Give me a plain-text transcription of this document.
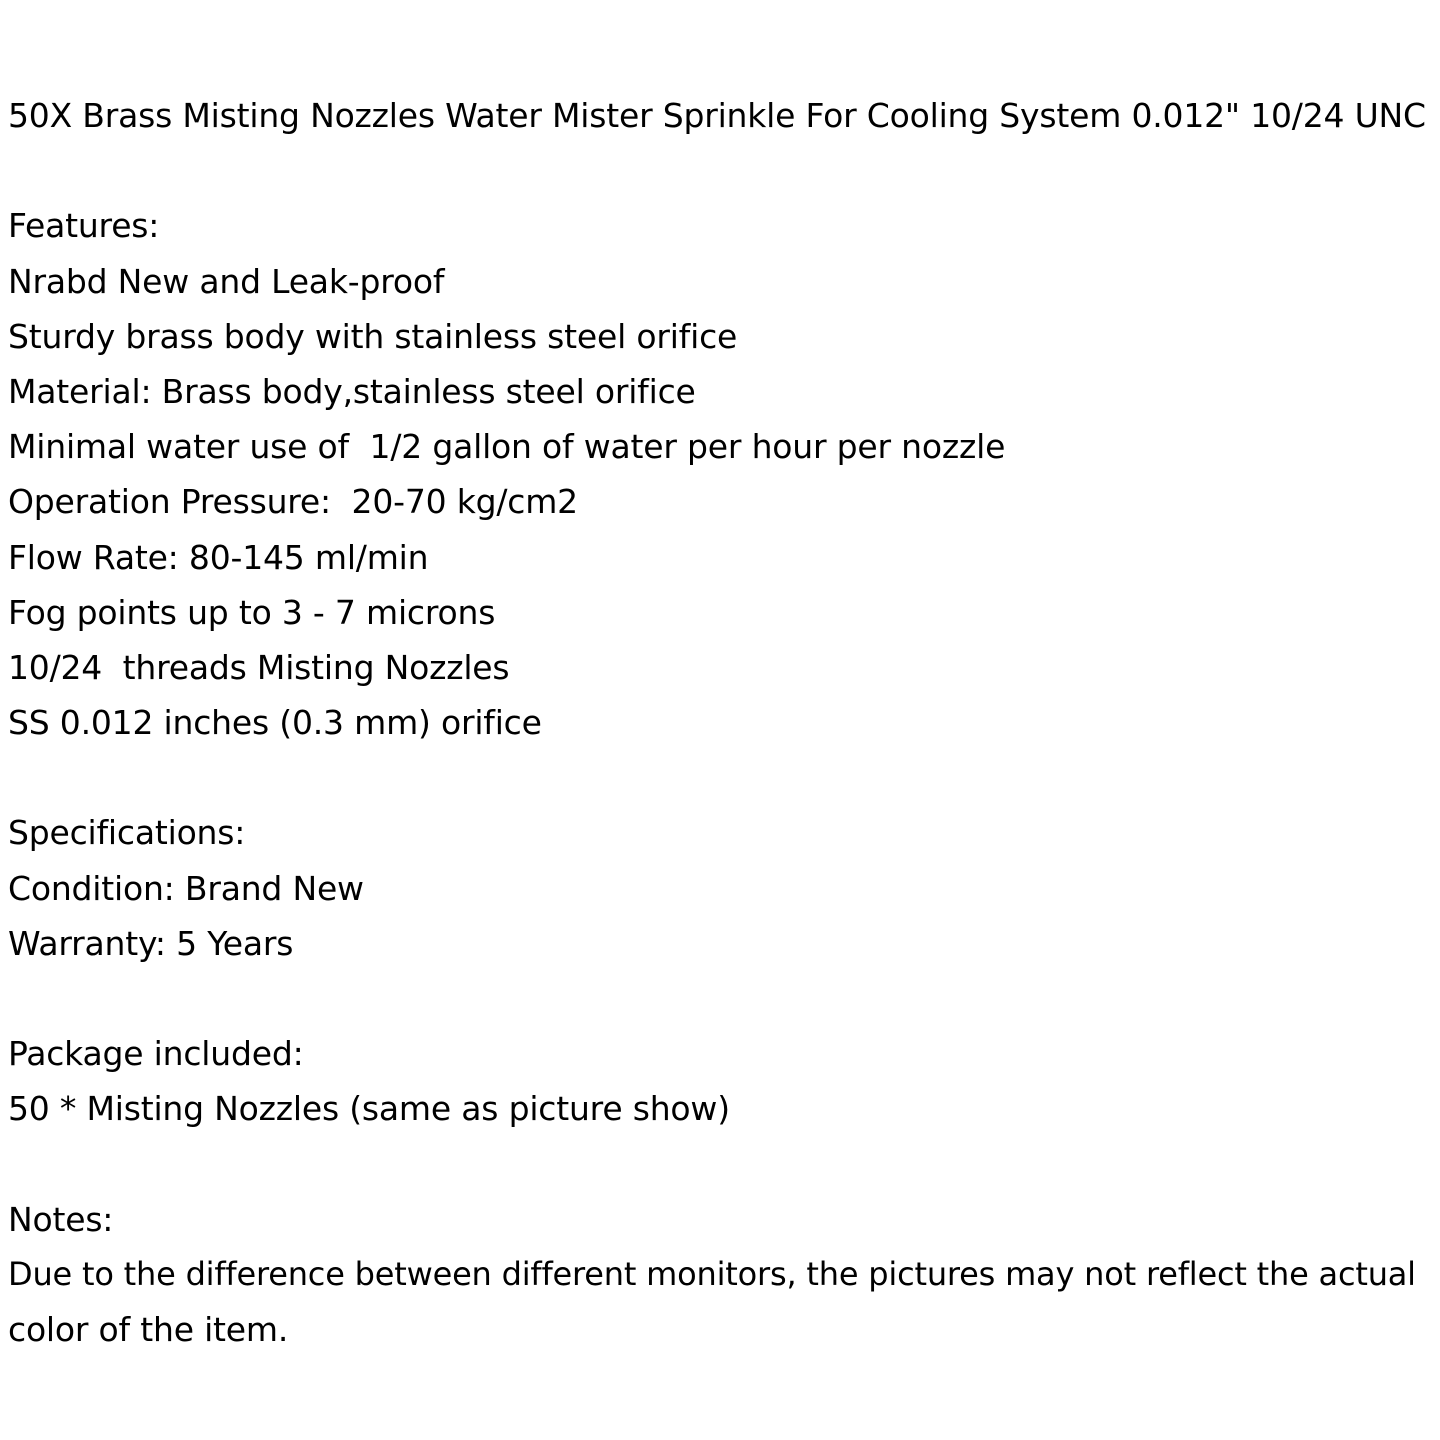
50X Brass Misting Nozzles Water Mister Sprinkle For Cooling System 0.012" 10/24 UNC
Features:
Nrabd New and Leak-proof
Sturdy brass body with stainless steel orifice
Material: Brass body,stainless steel orifice
Minimal water use of  1/2 gallon of water per hour per nozzle
Operation Pressure:  20-70 kg/cm2
Flow Rate: 80-145 ml/min
Fog points up to 3 - 7 microns
10/24  threads Misting Nozzles
SS 0.012 inches (0.3 mm) orifice
Specifications:
Condition: Brand New
Warranty: 5 Years
Package included:
50 * Misting Nozzles (same as picture show)
Notes:
Due to the difference between different monitors, the pictures may not reflect the actual
color of the item.
